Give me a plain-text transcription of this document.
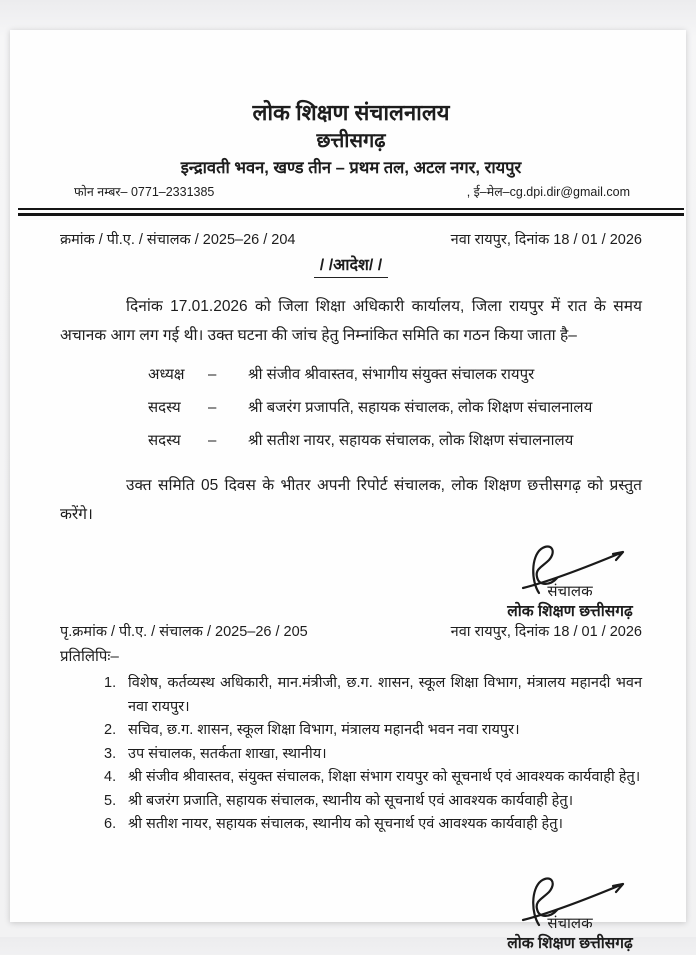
लोक शिक्षण संचालनालय
छत्तीसगढ़
इन्द्रावती भवन, खण्ड तीन – प्रथम तल, अटल नगर, रायपुर
फोन नम्बर– 0771–2331385	, ई–मेल–cg.dpi.dir@gmail.com
क्रमांक / पी.ए. / संचालक / 2025–26 / 204	नवा रायपुर, दिनांक 18 / 01 / 2026
/ /आदेश/ /
दिनांक 17.01.2026 को जिला शिक्षा अधिकारी कार्यालय, जिला रायपुर में रात के समय अचानक आग लग गई थी। उक्त घटना की जांच हेतु निम्नांकित समिति का गठन किया जाता है–
अध्यक्ष	–	श्री संजीव श्रीवास्तव, संभागीय संयुक्त संचालक रायपुर
सदस्य	–	श्री बजरंग प्रजापति, सहायक संचालक, लोक शिक्षण संचालनालय
सदस्य	–	श्री सतीश नायर, सहायक संचालक, लोक शिक्षण संचालनालय
उक्त समिति 05 दिवस के भीतर अपनी रिपोर्ट संचालक, लोक शिक्षण छत्तीसगढ़ को प्रस्तुत करेंगे।
संचालक
लोक शिक्षण छत्तीसगढ़
पृ.क्रमांक / पी.ए. / संचालक / 2025–26 / 205	नवा रायपुर, दिनांक 18 / 01 / 2026
प्रतिलिपिः–
विशेष, कर्तव्यस्थ अधिकारी, मान.मंत्रीजी, छ.ग. शासन, स्कूल शिक्षा विभाग, मंत्रालय महानदी भवन नवा रायपुर।
सचिव, छ.ग. शासन, स्कूल शिक्षा विभाग, मंत्रालय महानदी भवन नवा रायपुर।
उप संचालक, सतर्कता शाखा, स्थानीय।
श्री संजीव श्रीवास्तव, संयुक्त संचालक, शिक्षा संभाग रायपुर को सूचनार्थ एवं आवश्यक कार्यवाही हेतु।
श्री बजरंग प्रजाति, सहायक संचालक, स्थानीय को सूचनार्थ एवं आवश्यक कार्यवाही हेतु।
श्री सतीश नायर, सहायक संचालक, स्थानीय को सूचनार्थ एवं आवश्यक कार्यवाही हेतु।
संचालक
लोक शिक्षण छत्तीसगढ़
